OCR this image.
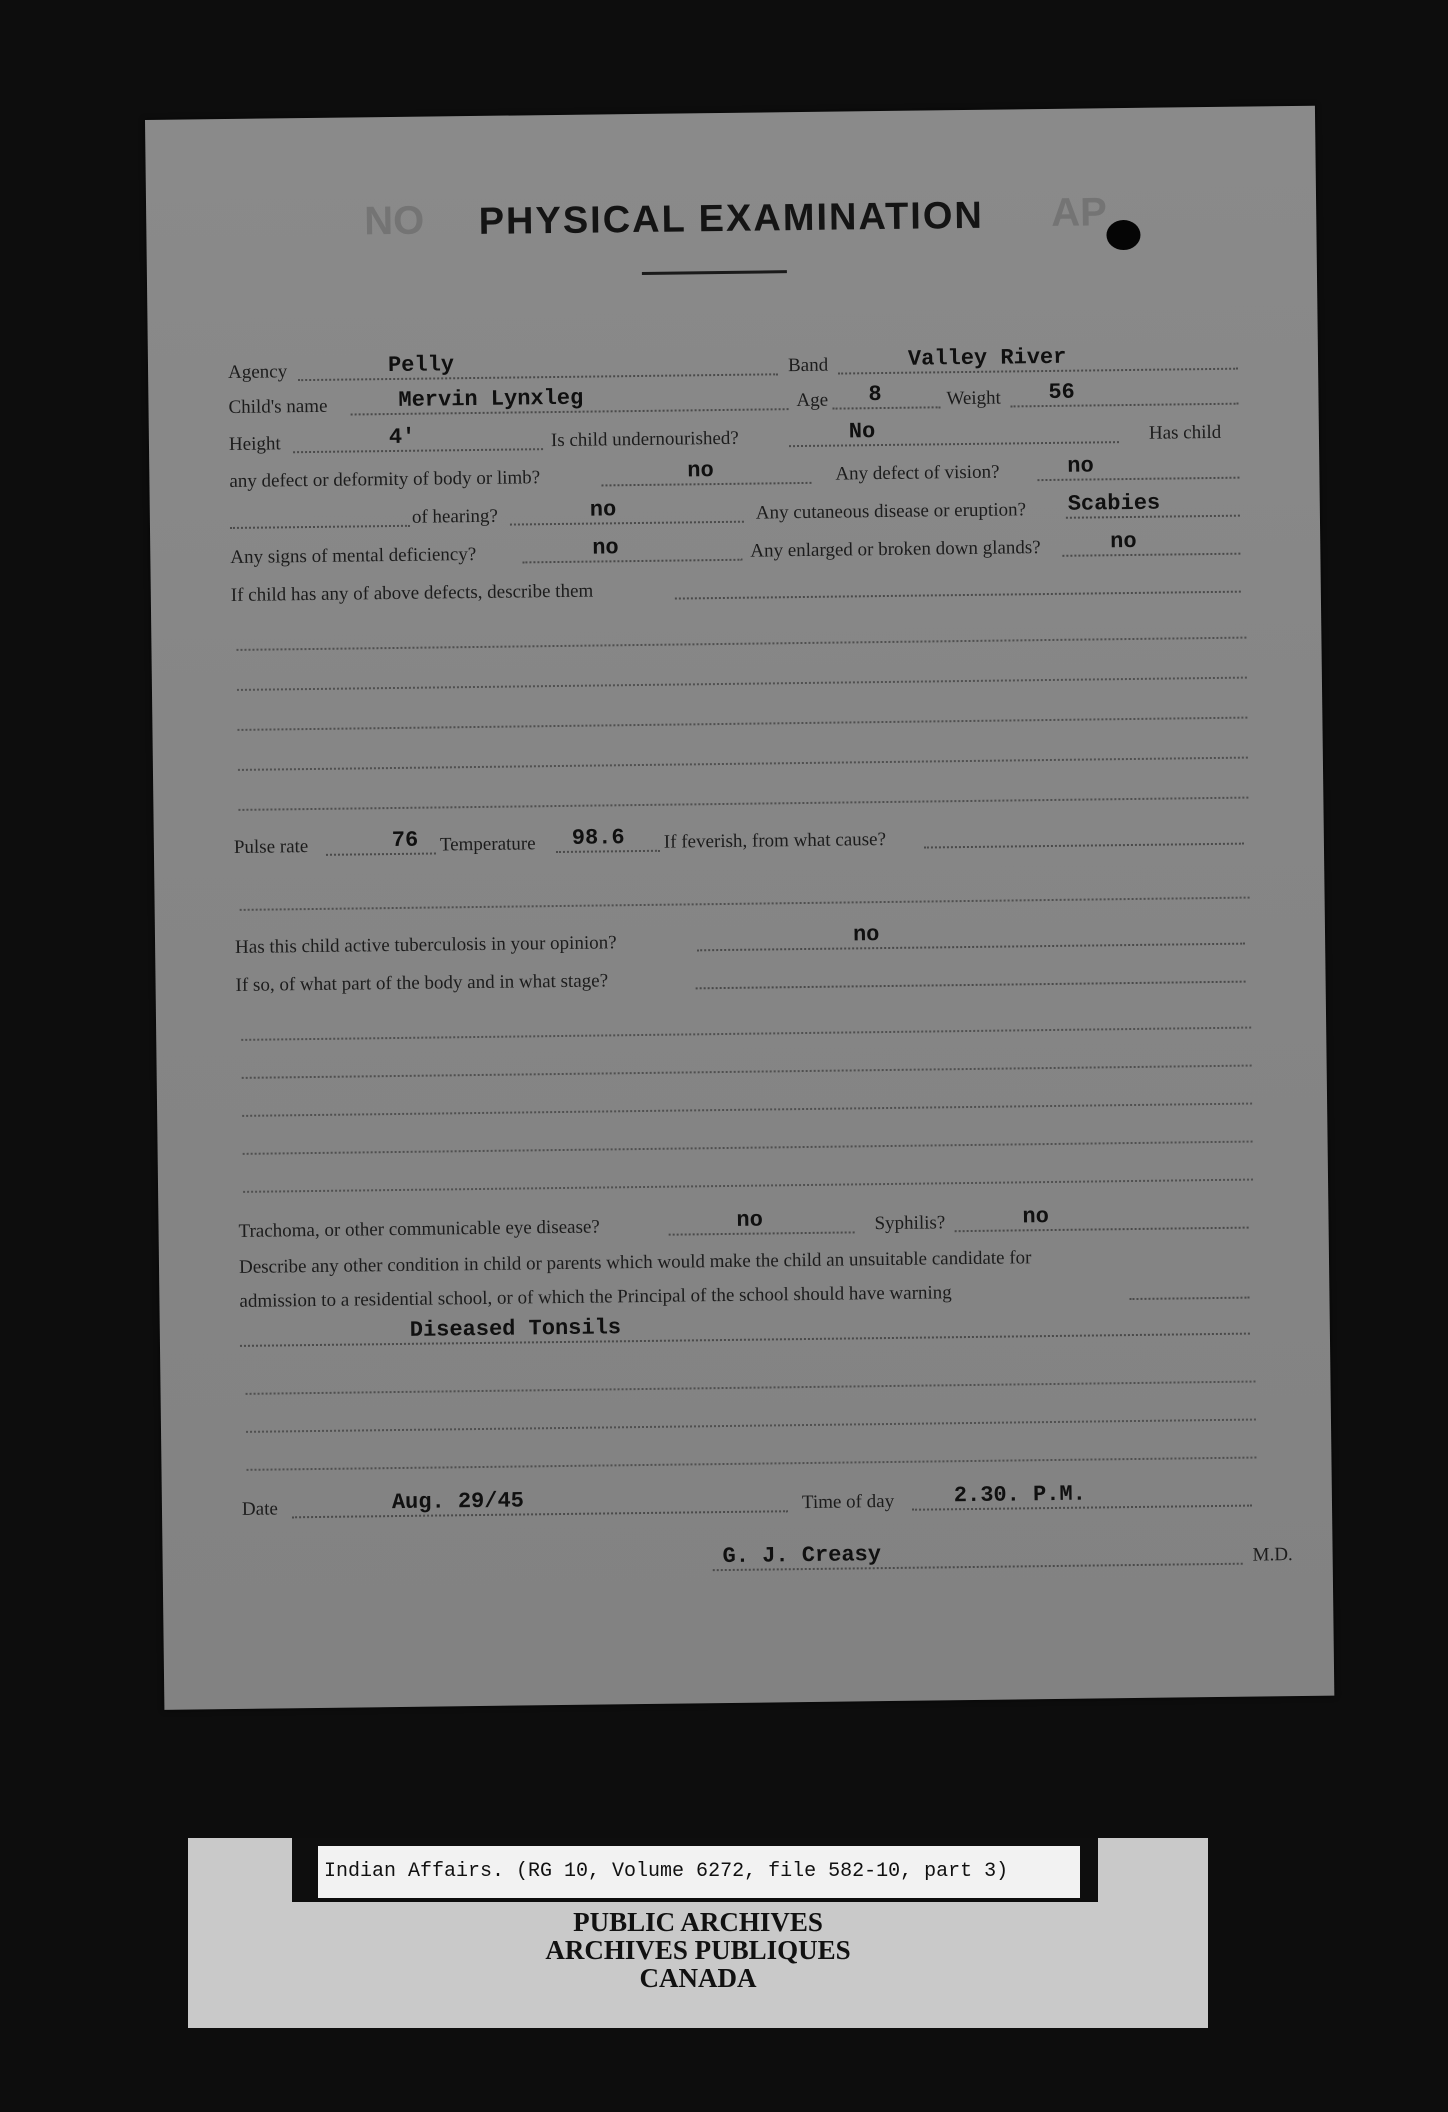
NO	AP
PHYSICAL EXAMINATION
Agency	Pelly	Band	Valley River
Child's name	Mervin Lynxleg	Age 8	Weight 56
Height	4'	Is child undernourished?	No	Has child
any defect or deformity of body or limb?	no	Any defect of vision?	no
of hearing?	no	Any cutaneous disease or eruption? Scabies
Any signs of mental deficiency?	no	Any enlarged or broken down glands?	no
If child has any of above defects, describe them
Pulse rate	76 Temperature 98.6 If feverish, from what cause?
Has this child active tuberculosis in your opinion?	no
If so, of what part of the body and in what stage?
Trachoma, or other communicable eye disease?	no	Syphilis?	no
Describe any other condition in child or parents which would make the child an unsuitable candidate for
admission to a residential school, or of which the Principal of the school should have warning
Diseased Tonsils
Date	Aug. 29/45	Time of day	2.30. P.M.
G. J. Creasy	M.D.
Indian Affairs. (RG 10, Volume 6272, file 582-10, part 3)
PUBLIC ARCHIVES
ARCHIVES PUBLIQUES
CANADA
